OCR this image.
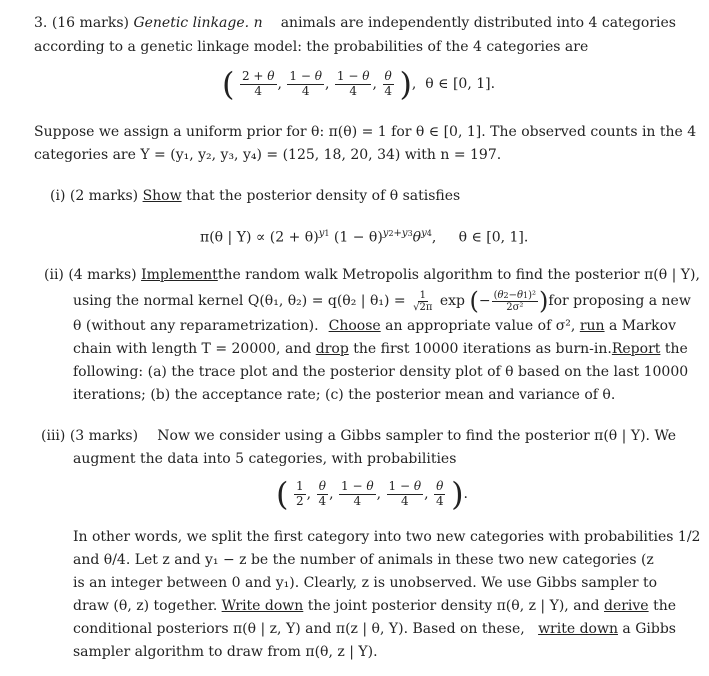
3. (16 marks) Genetic linkage. n animals are independently distributed into 4 categories
according to a genetic linkage model: the probabilities of the 4 categories are
( $\frac{2 + \theta}{4}$ , $\frac{1 - \theta}{4}$ , $\frac{1 - \theta}{4}$ , $\frac{\theta}{4}$ ),  θ ∈ [0, 1].
Suppose we assign a uniform prior for θ: π(θ) = 1 for θ ∈ [0, 1]. The observed counts in the 4
categories are Y = (y₁, y₂, y₃, y₄) = (125, 18, 20, 34) with n = 197.
(i) (2 marks) Show that the posterior density of θ satisfies
π(θ | $Y) \propto (2 + \theta)^{y1}$ $(1 - \theta)^{y2+y3}\theta^{y4}$,     θ ∈ [0, 1].
(ii) (4 marks) Implement the random walk Metropolis algorithm to find the posterior π(θ | Y),
using the normal kernel Q(θ₁, θ₂) = q(θ₂ | $\theta_1) = \frac{1}{√2\pi}$ exp (− $\frac{\text{(θ2−θ1)²}}{\text{2σ²}}$ ) for proposing a new
θ (without any reparametrization). Choose an appropriate value of σ², run a Markov
chain with length T = 20000, and drop the first 10000 iterations as burn-in. Report the
following: (a) the trace plot and the posterior density plot of θ based on the last 10000
iterations; (b) the acceptance rate; (c) the posterior mean and variance of θ.
(iii) (3 marks) Now we consider using a Gibbs sampler to find the posterior π(θ | Y). We
augment the data into 5 categories, with probabilities
( $\frac{1}{2}$ , $\frac{\theta}{4}$ , $\frac{1 - \theta}{4}$ , $\frac{1 - \theta}{4}$ , $\frac{\theta}{4}$ ).
In other words, we split the first category into two new categories with probabilities 1/2
and θ/4. Let z and y₁ − z be the number of animals in these two new categories (z
is an integer between 0 and y₁). Clearly, z is unobserved. We use Gibbs sampler to
draw (θ, z) together. Write down the joint posterior density π(θ, z | Y), and derive the
conditional posteriors π(θ | z, Y) and π(z | θ, Y). Based on these, write down a Gibbs
sampler algorithm to draw from π(θ, z | Y).
